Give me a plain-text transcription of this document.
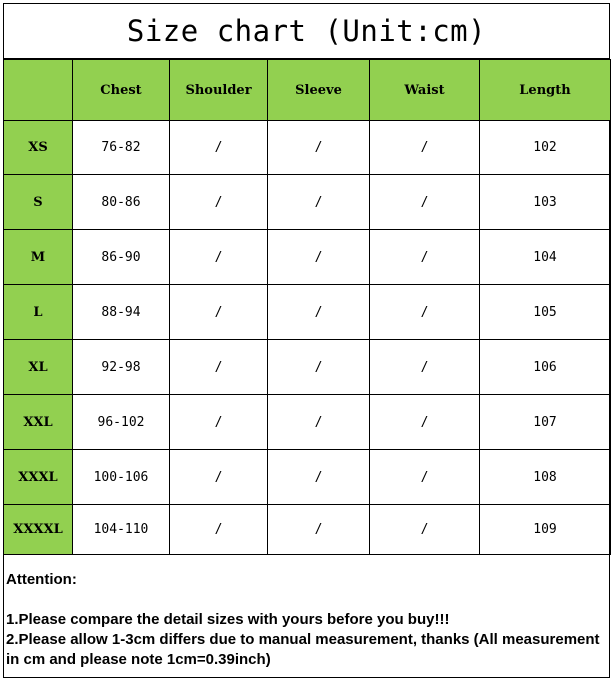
Size chart (Unit:cm)
	Chest	Shoulder	Sleeve	Waist	Length
XS	76-82	/	/	/	102
S	80-86	/	/	/	103
M	86-90	/	/	/	104
L	88-94	/	/	/	105
XL	92-98	/	/	/	106
XXL	96-102	/	/	/	107
XXXL	100-106	/	/	/	108
XXXXL	104-110	/	/	/	109
Attention:
1.Please compare the detail sizes with yours before you buy!!!
2.Please allow 1-3cm differs due to manual measurement, thanks (All measurement in cm and please note 1cm=0.39inch)
